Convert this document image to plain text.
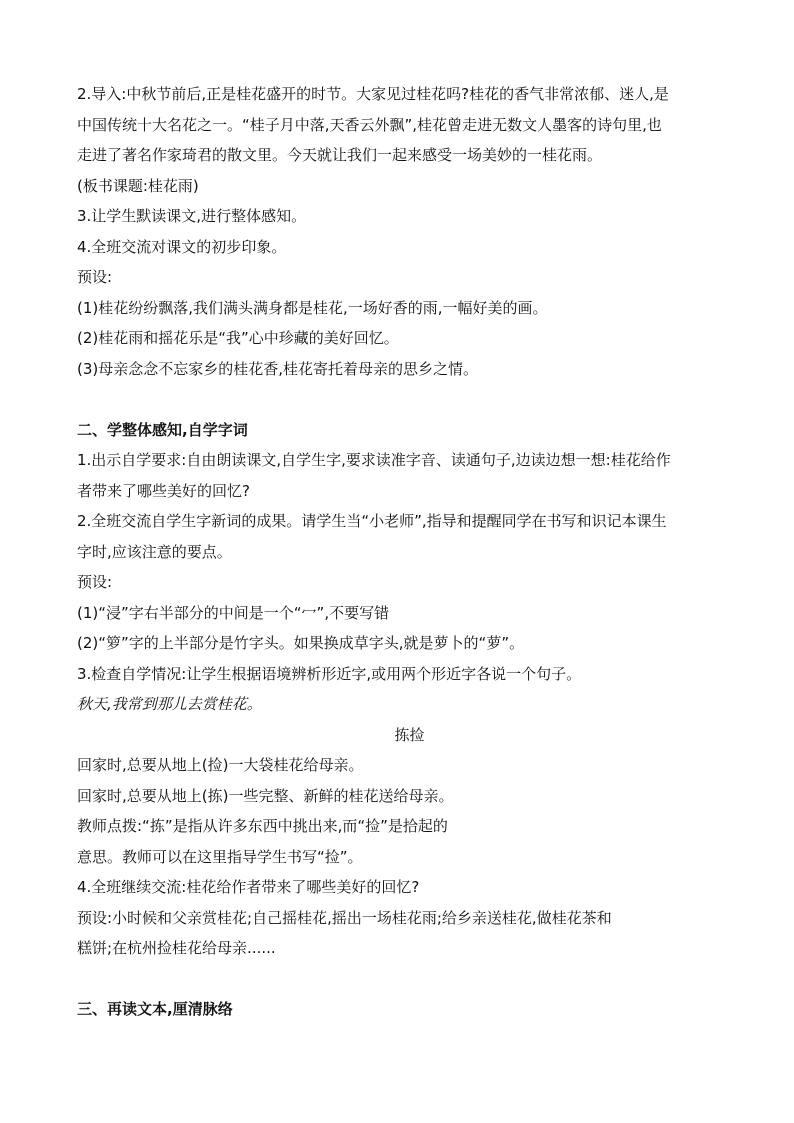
2.导入:中秋节前后,正是桂花盛开的时节。大家见过桂花吗?桂花的香气非常浓郁、迷人,是
中国传统十大名花之一。“桂子月中落,天香云外飘”,桂花曾走进无数文人墨客的诗句里,也
走进了著名作家琦君的散文里。今天就让我们一起来感受一场美妙的一桂花雨。
(板书课题:桂花雨)
3.让学生默读课文,进行整体感知。
4.全班交流对课文的初步印象。
预设:
(1)桂花纷纷飘落,我们满头满身都是桂花,一场好香的雨,一幅好美的画。
(2)桂花雨和摇花乐是“我”心中珍藏的美好回忆。
(3)母亲念念不忘家乡的桂花香,桂花寄托着母亲的思乡之情。
二、学整体感知,自学字词
1.出示自学要求:自由朗读课文,自学生字,要求读准字音、读通句子,边读边想一想:桂花给作
者带来了哪些美好的回忆?
2.全班交流自学生字新词的成果。请学生当“小老师”,指导和提醒同学在书写和识记本课生
字时,应该注意的要点。
预设:
(1)“浸”字右半部分的中间是一个“冖”,不要写错
(2)“箩”字的上半部分是竹字头。如果换成草字头,就是萝卜的“萝”。
3.检查自学情况:让学生根据语境辨析形近字,或用两个形近字各说一个句子。
秋天,我常到那儿去赏桂花。
拣捡
回家时,总要从地上(捡)一大袋桂花给母亲。
回家时,总要从地上(拣)一些完整、新鲜的桂花送给母亲。
教师点拨:“拣”是指从许多东西中挑出来,而“捡”是拾起的
意思。教师可以在这里指导学生书写“捡”。
4.全班继续交流:桂花给作者带来了哪些美好的回忆?
预设:小时候和父亲赏桂花;自己摇桂花,摇出一场桂花雨;给乡亲送桂花,做桂花茶和
糕饼;在杭州捡桂花给母亲......
三、再读文本,厘清脉络
